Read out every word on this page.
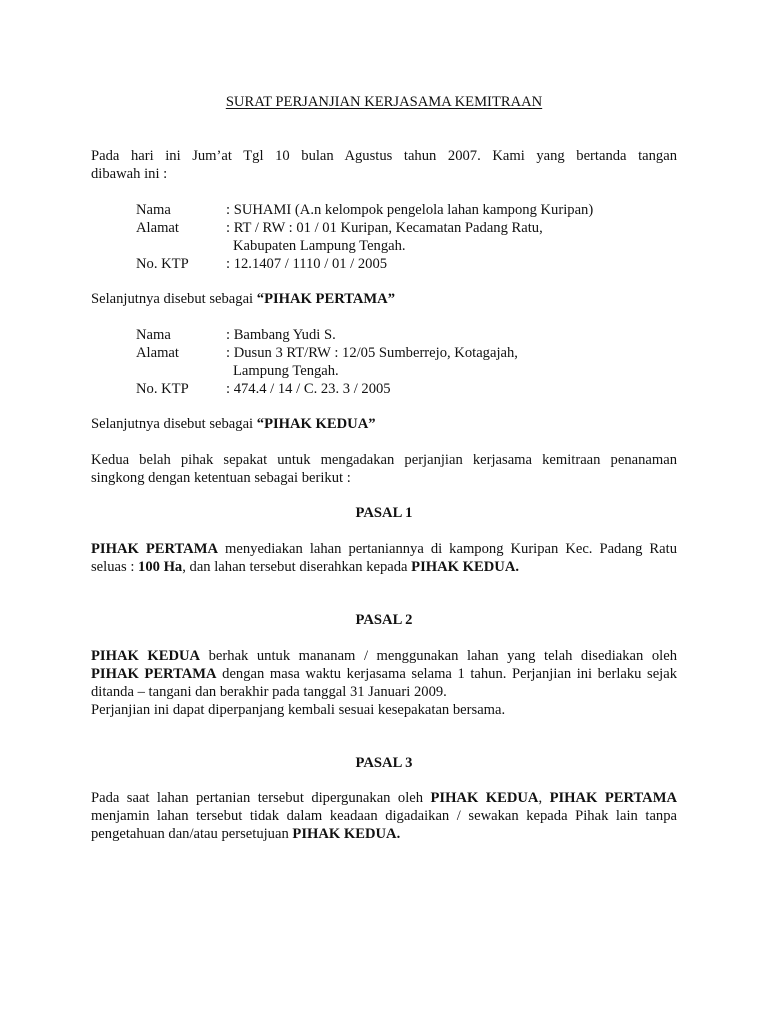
SURAT PERJANJIAN KERJASAMA KEMITRAAN
Pada hari ini Jum’at Tgl 10 bulan Agustus tahun 2007. Kami yang bertanda tangan
dibawah ini :
Nama	: SUHAMI (A.n kelompok pengelola lahan kampong Kuripan)
Alamat	: RT / RW : 01 / 01 Kuripan, Kecamatan Padang Ratu,
Kabupaten Lampung Tengah.
No. KTP	: 12.1407 / 1110 / 01 / 2005
Selanjutnya disebut sebagai “PIHAK PERTAMA”
Nama	: Bambang Yudi S.
Alamat	: Dusun 3 RT/RW : 12/05 Sumberrejo, Kotagajah,
Lampung Tengah.
No. KTP	: 474.4 / 14 / C. 23. 3 / 2005
Selanjutnya disebut sebagai “PIHAK KEDUA”
Kedua belah pihak sepakat untuk mengadakan perjanjian kerjasama kemitraan penanaman
singkong dengan ketentuan sebagai berikut :
PASAL 1
PIHAK PERTAMA menyediakan lahan pertaniannya di kampong Kuripan Kec. Padang Ratu
seluas : 100 Ha, dan lahan tersebut diserahkan kepada PIHAK KEDUA.
PASAL 2
PIHAK KEDUA berhak untuk mananam / menggunakan lahan yang telah disediakan oleh
PIHAK PERTAMA dengan masa waktu kerjasama selama 1 tahun. Perjanjian ini berlaku sejak
ditanda – tangani dan berakhir pada tanggal 31 Januari 2009.
Perjanjian ini dapat diperpanjang kembali sesuai kesepakatan bersama.
PASAL 3
Pada saat lahan pertanian tersebut dipergunakan oleh PIHAK KEDUA, PIHAK PERTAMA
menjamin lahan tersebut tidak dalam keadaan digadaikan / sewakan kepada Pihak lain tanpa
pengetahuan dan/atau persetujuan PIHAK KEDUA.
